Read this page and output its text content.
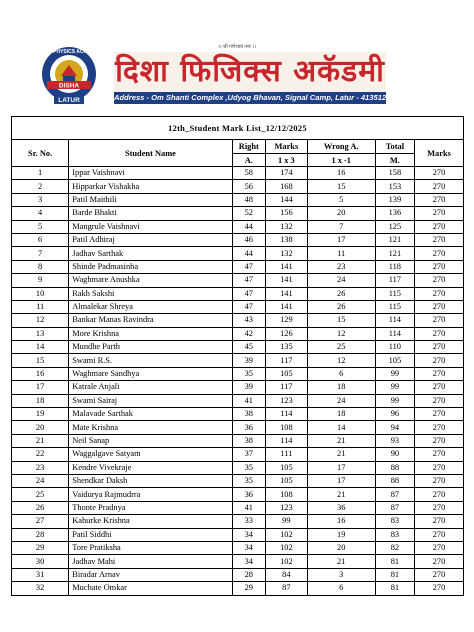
।। श्री गणेशाय नमः ।।
DISHA PHYSICS ACADEMY
DISHA
LATUR
दिशा फिजिक्स अकॅडमी
Address - Om Shanti Complex ,Udyog Bhavan, Signal Camp, Latur - 413512
12th_Student Mark List_12/12/2025						
Sr. No.	Student Name	Right	Marks	Wrong A.	Total	Marks
		A.	1 x 3	1 x -1	M.	
1	Ippar Vaishnavi	58	174	16	158	270
2	Hipparkar Vishakha	56	168	15	153	270
3	Patil Maithili	48	144	5	139	270
4	Barde Bhakti	52	156	20	136	270
5	Mangrule Vaishnavi	44	132	7	125	270
6	Patil Adhiraj	46	138	17	121	270
7	Jadhav Sarthak	44	132	11	121	270
8	Shinde Padmasinha	47	141	23	118	270
9	Waghmare Anushka	47	141	24	117	270
10	Rakh Sakshi	47	141	26	115	270
11	Almalekar Shreya	47	141	26	115	270
12	Bankar Manas Ravindra	43	129	15	114	270
13	More Krishna	42	126	12	114	270
14	Mundhe Parth	45	135	25	110	270
15	Swami R.S.	39	117	12	105	270
16	Waghmare Sandhya	35	105	6	99	270
17	Katrale Anjali	39	117	18	99	270
18	Swami Sairaj	41	123	24	99	270
19	Malavade Sarthak	38	114	18	96	270
20	Mate Krishna	36	108	14	94	270
21	Neil Sanap	38	114	21	93	270
22	Waggalgave Satyam	37	111	21	90	270
23	Kendre Vivekraje	35	105	17	88	270
24	Shendkar Daksh	35	105	17	88	270
25	Vaidurya Rajmudrra	36	108	21	87	270
26	Thonte Pradnya	41	123	36	87	270
27	Kahurke Krishna	33	99	16	83	270
28	Patil Siddhi	34	102	19	83	270
29	Tore Pratiksha	34	102	20	82	270
30	Jadhav Mahi	34	102	21	81	270
31	Biradar Arnav	28	84	3	81	270
32	Muchate Omkar	29	87	6	81	270
